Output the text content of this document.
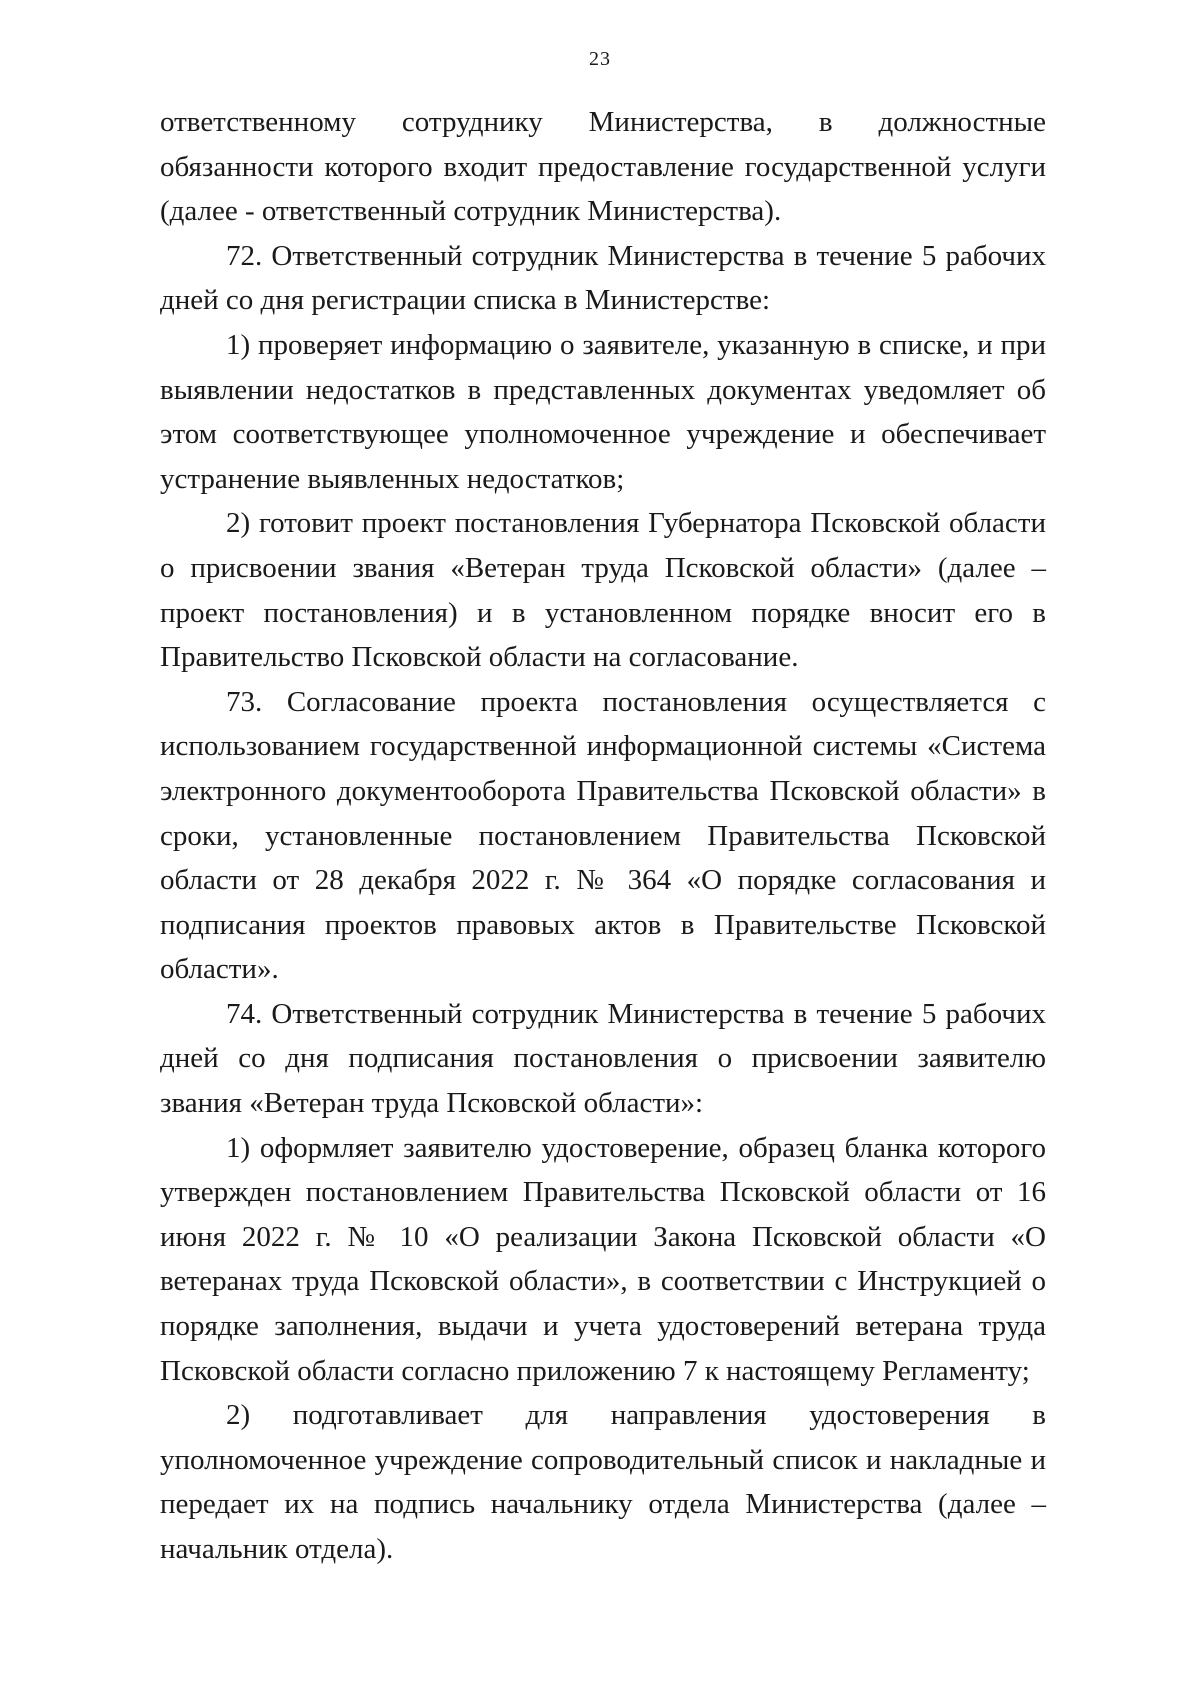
23

ответственному сотруднику Министерства, в должностные обязанности которого входит предоставление государственной услуги (далее - ответственный сотрудник Министерства).

72. Ответственный сотрудник Министерства в течение 5 рабочих дней со дня регистрации списка в Министерстве:

1) проверяет информацию о заявителе, указанную в списке, и при выявлении недостатков в представленных документах уведомляет об этом соответствующее уполномоченное учреждение и обеспечивает устранение выявленных недостатков;

2) готовит проект постановления Губернатора Псковской области о присвоении звания «Ветеран труда Псковской области» (далее – проект постановления) и в установленном порядке вносит его в Правительство Псковской области на согласование.

73. Согласование проекта постановления осуществляется с использованием государственной информационной системы «Система электронного документооборота Правительства Псковской области» в сроки, установленные постановлением Правительства Псковской области от 28 декабря 2022 г. № 364 «О порядке согласования и подписания проектов правовых актов в Правительстве Псковской области».

74. Ответственный сотрудник Министерства в течение 5 рабочих дней со дня подписания постановления о присвоении заявителю звания «Ветеран труда Псковской области»:

1) оформляет заявителю удостоверение, образец бланка которого утвержден постановлением Правительства Псковской области от 16 июня 2022 г. № 10 «О реализации Закона Псковской области «О ветеранах труда Псковской области», в соответствии с Инструкцией о порядке заполнения, выдачи и учета удостоверений ветерана труда Псковской области согласно приложению 7 к настоящему Регламенту;

2) подготавливает для направления удостоверения в уполномоченное учреждение сопроводительный список и накладные и передает их на подпись начальнику отдела Министерства (далее – начальник отдела).
